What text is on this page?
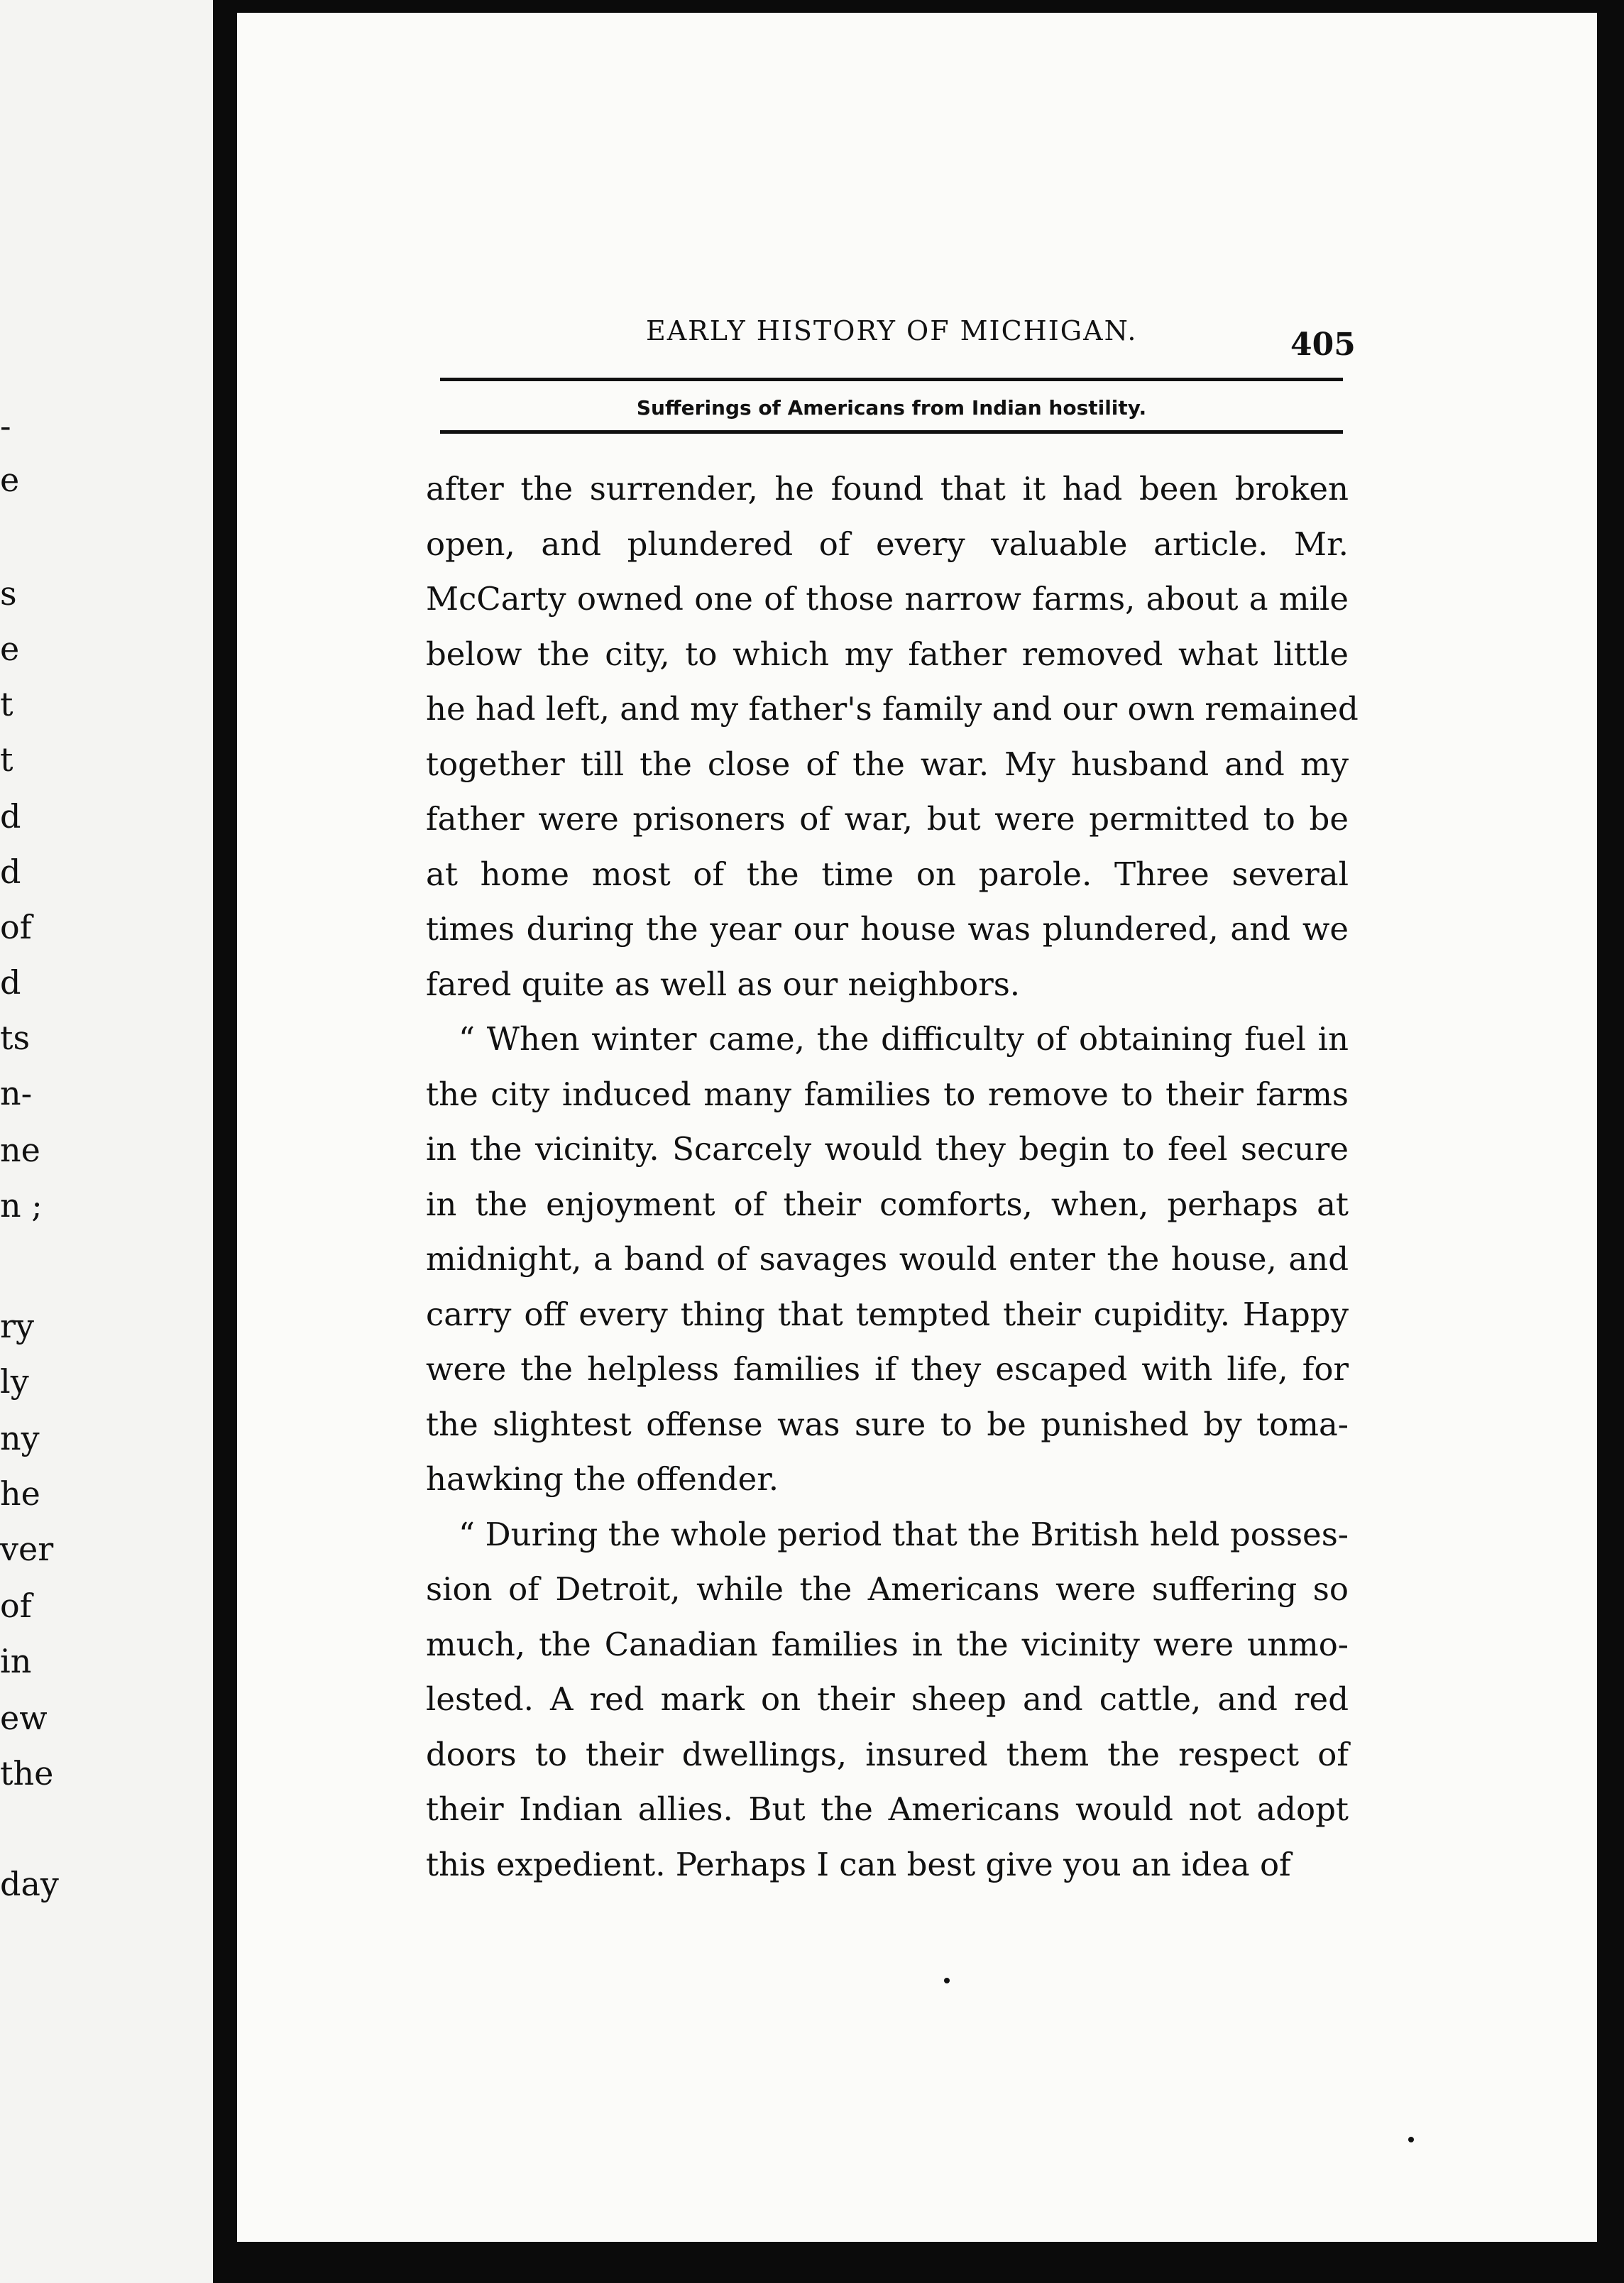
-

e

s

e

t

t

d

d

of

d

ts

n-

ne

n ;

ry

ly

ny

he

ver

of

in

ew

the

day

EARLY HISTORY OF MICHIGAN.	405
Sufferings of Americans from Indian hostility.
after the surrender, he found that it had been broken
open, and plundered of every valuable article. Mr.
McCarty owned one of those narrow farms, about a mile
below the city, to which my father removed what little
he had left, and my father's family and our own remained
together till the close of the war. My husband and my
father were prisoners of war, but were permitted to be
at home most of the time on parole. Three several
times during the year our house was plundered, and we
fared quite as well as our neighbors.
“ When winter came, the difficulty of obtaining fuel in
the city induced many families to remove to their farms
in the vicinity. Scarcely would they begin to feel secure
in the enjoyment of their comforts, when, perhaps at
midnight, a band of savages would enter the house, and
carry off every thing that tempted their cupidity. Happy
were the helpless families if they escaped with life, for
the slightest offense was sure to be punished by toma-
hawking the offender.
“ During the whole period that the British held posses-
sion of Detroit, while the Americans were suffering so
much, the Canadian families in the vicinity were unmo-
lested. A red mark on their sheep and cattle, and red
doors to their dwellings, insured them the respect of
their Indian allies. But the Americans would not adopt
this expedient. Perhaps I can best give you an idea of
